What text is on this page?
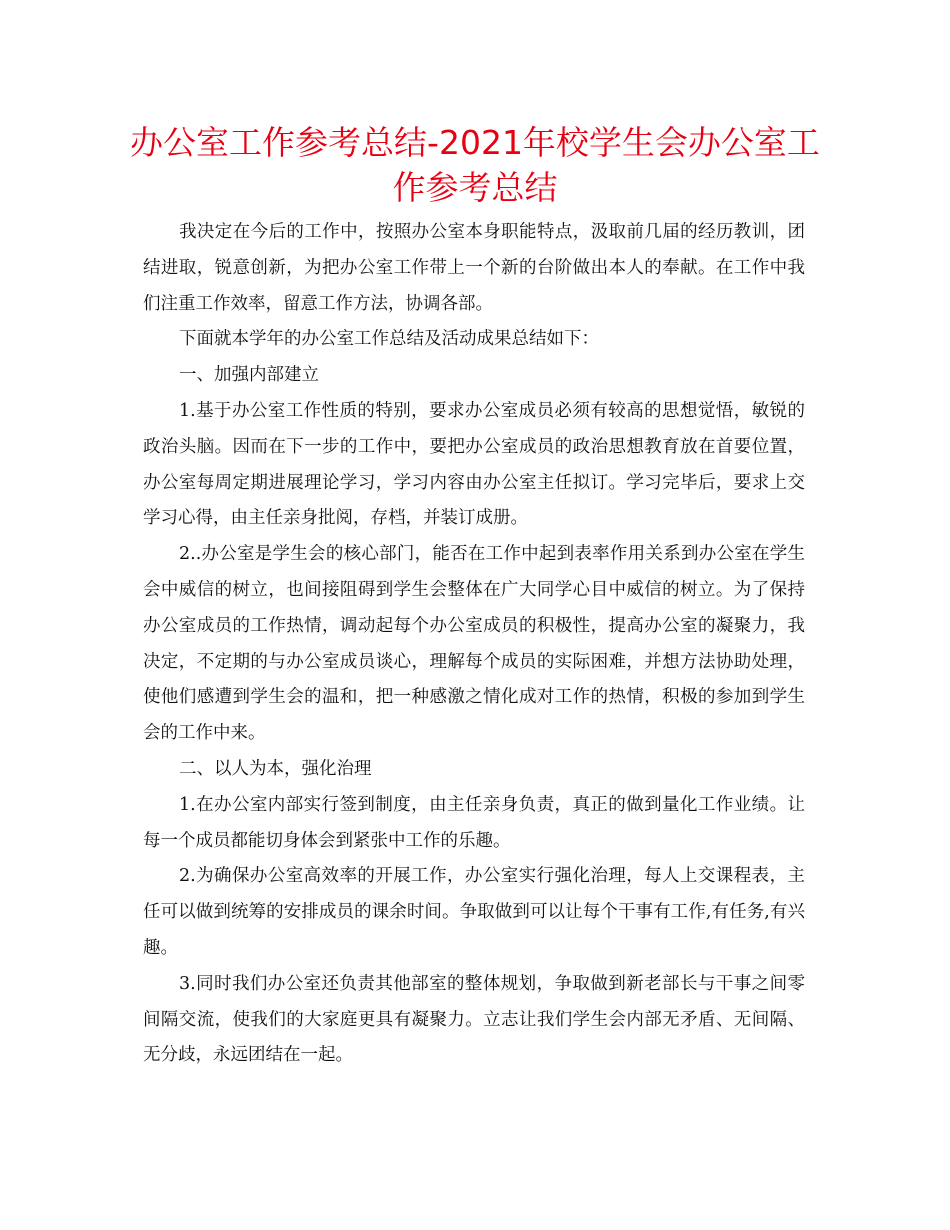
办公室工作参考总结-2021年校学生会办公室工作参考总结

我决定在今后的工作中，按照办公室本身职能特点，汲取前几届的经历教训，团结进取，锐意创新，为把办公室工作带上一个新的台阶做出本人的奉献。在工作中我们注重工作效率，留意工作方法，协调各部。

下面就本学年的办公室工作总结及活动成果总结如下：

一、加强内部建立

1.基于办公室工作性质的特别，要求办公室成员必须有较高的思想觉悟，敏锐的政治头脑。因而在下一步的工作中，要把办公室成员的政治思想教育放在首要位置，办公室每周定期进展理论学习，学习内容由办公室主任拟订。学习完毕后，要求上交学习心得，由主任亲身批阅，存档，并装订成册。

2..办公室是学生会的核心部门，能否在工作中起到表率作用关系到办公室在学生会中威信的树立，也间接阻碍到学生会整体在广大同学心目中威信的树立。为了保持办公室成员的工作热情，调动起每个办公室成员的积极性，提高办公室的凝聚力，我决定，不定期的与办公室成员谈心，理解每个成员的实际困难，并想方法协助处理，使他们感遭到学生会的温和，把一种感激之情化成对工作的热情，积极的参加到学生会的工作中来。

二、以人为本，强化治理

1.在办公室内部实行签到制度，由主任亲身负责，真正的做到量化工作业绩。让每一个成员都能切身体会到紧张中工作的乐趣。

2.为确保办公室高效率的开展工作，办公室实行强化治理，每人上交课程表，主任可以做到统筹的安排成员的课余时间。争取做到可以让每个干事有工作,有任务,有兴趣。

3.同时我们办公室还负责其他部室的整体规划，争取做到新老部长与干事之间零间隔交流，使我们的大家庭更具有凝聚力。立志让我们学生会内部无矛盾、无间隔、无分歧，永远团结在一起。
